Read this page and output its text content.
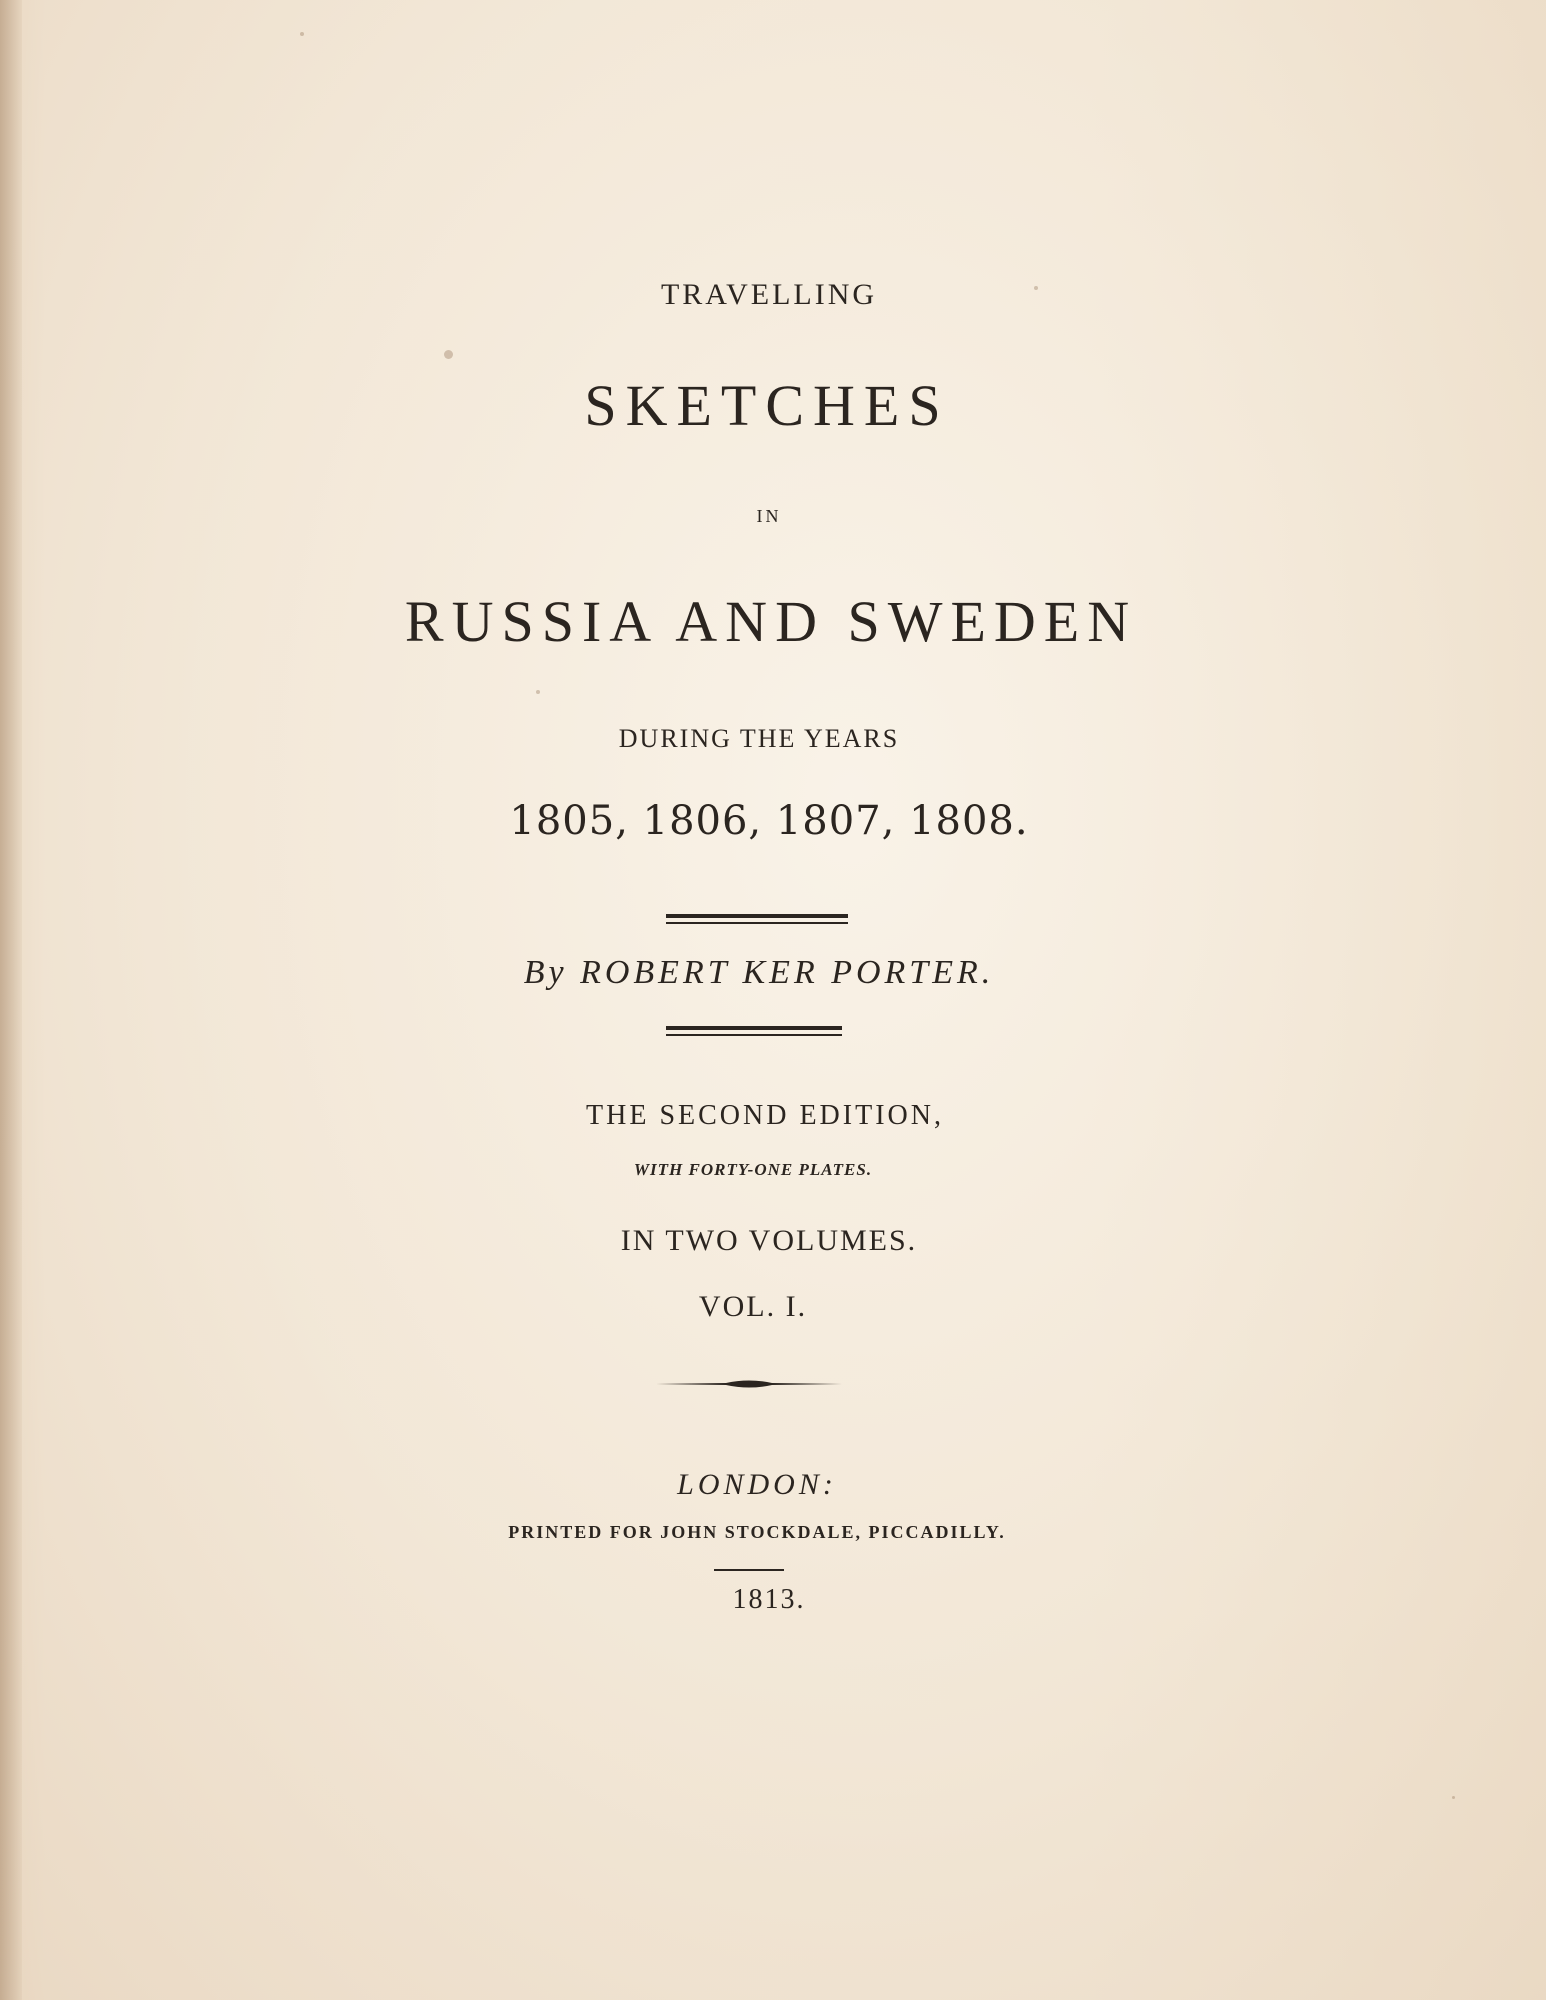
TRAVELLING
SKETCHES
IN
RUSSIA AND SWEDEN
DURING THE YEARS
1805, 1806, 1807, 1808.
By ROBERT KER PORTER.
THE SECOND EDITION,
WITH FORTY-ONE PLATES.
IN TWO VOLUMES.
VOL. I.
LONDON:
PRINTED FOR JOHN STOCKDALE, PICCADILLY.
1813.
